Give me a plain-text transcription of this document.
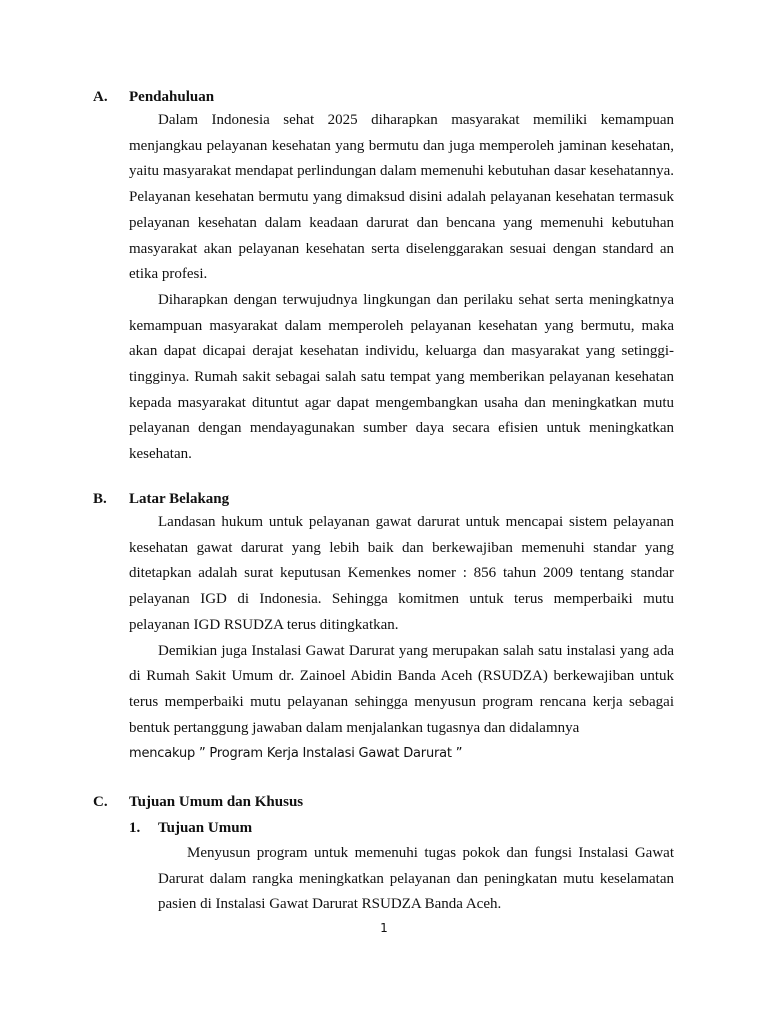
A.	Pendahuluan

Dalam Indonesia sehat 2025 diharapkan masyarakat memiliki kemampuan menjangkau pelayanan kesehatan yang bermutu dan juga memperoleh jaminan kesehatan, yaitu masyarakat mendapat perlindungan dalam memenuhi kebutuhan dasar kesehatannya. Pelayanan kesehatan bermutu yang dimaksud disini adalah pelayanan kesehatan termasuk pelayanan kesehatan dalam keadaan darurat dan bencana yang memenuhi kebutuhan masyarakat akan pelayanan kesehatan serta diselenggarakan sesuai dengan standard an etika profesi.

Diharapkan dengan terwujudnya lingkungan dan perilaku sehat serta meningkatnya kemampuan masyarakat dalam memperoleh pelayanan kesehatan yang bermutu, maka akan dapat dicapai derajat kesehatan individu, keluarga dan masyarakat yang setinggi-tingginya. Rumah sakit sebagai salah satu tempat yang memberikan pelayanan kesehatan kepada masyarakat dituntut agar dapat mengembangkan usaha dan meningkatkan mutu pelayanan dengan mendayagunakan sumber daya secara efisien untuk meningkatkan kesehatan.

B.	Latar Belakang

Landasan hukum untuk pelayanan gawat darurat untuk mencapai sistem pelayanan kesehatan gawat darurat yang lebih baik dan berkewajiban memenuhi standar yang ditetapkan adalah surat keputusan Kemenkes nomer : 856 tahun 2009 tentang standar pelayanan IGD di Indonesia. Sehingga komitmen untuk terus memperbaiki mutu pelayanan IGD RSUDZA terus ditingkatkan.

Demikian juga Instalasi Gawat Darurat yang merupakan salah satu instalasi yang ada di Rumah Sakit Umum dr. Zainoel Abidin Banda Aceh (RSUDZA) berkewajiban untuk terus memperbaiki mutu pelayanan sehingga menyusun program rencana kerja sebagai bentuk pertanggung jawaban dalam menjalankan tugasnya dan didalamnya

mencakup ” Program Kerja Instalasi Gawat Darurat ”

C.	Tujuan Umum dan Khusus
1.	Tujuan Umum

Menyusun program untuk memenuhi tugas pokok dan fungsi Instalasi Gawat Darurat dalam rangka meningkatkan pelayanan dan peningkatan mutu keselamatan pasien di Instalasi Gawat Darurat RSUDZA Banda Aceh.

1
